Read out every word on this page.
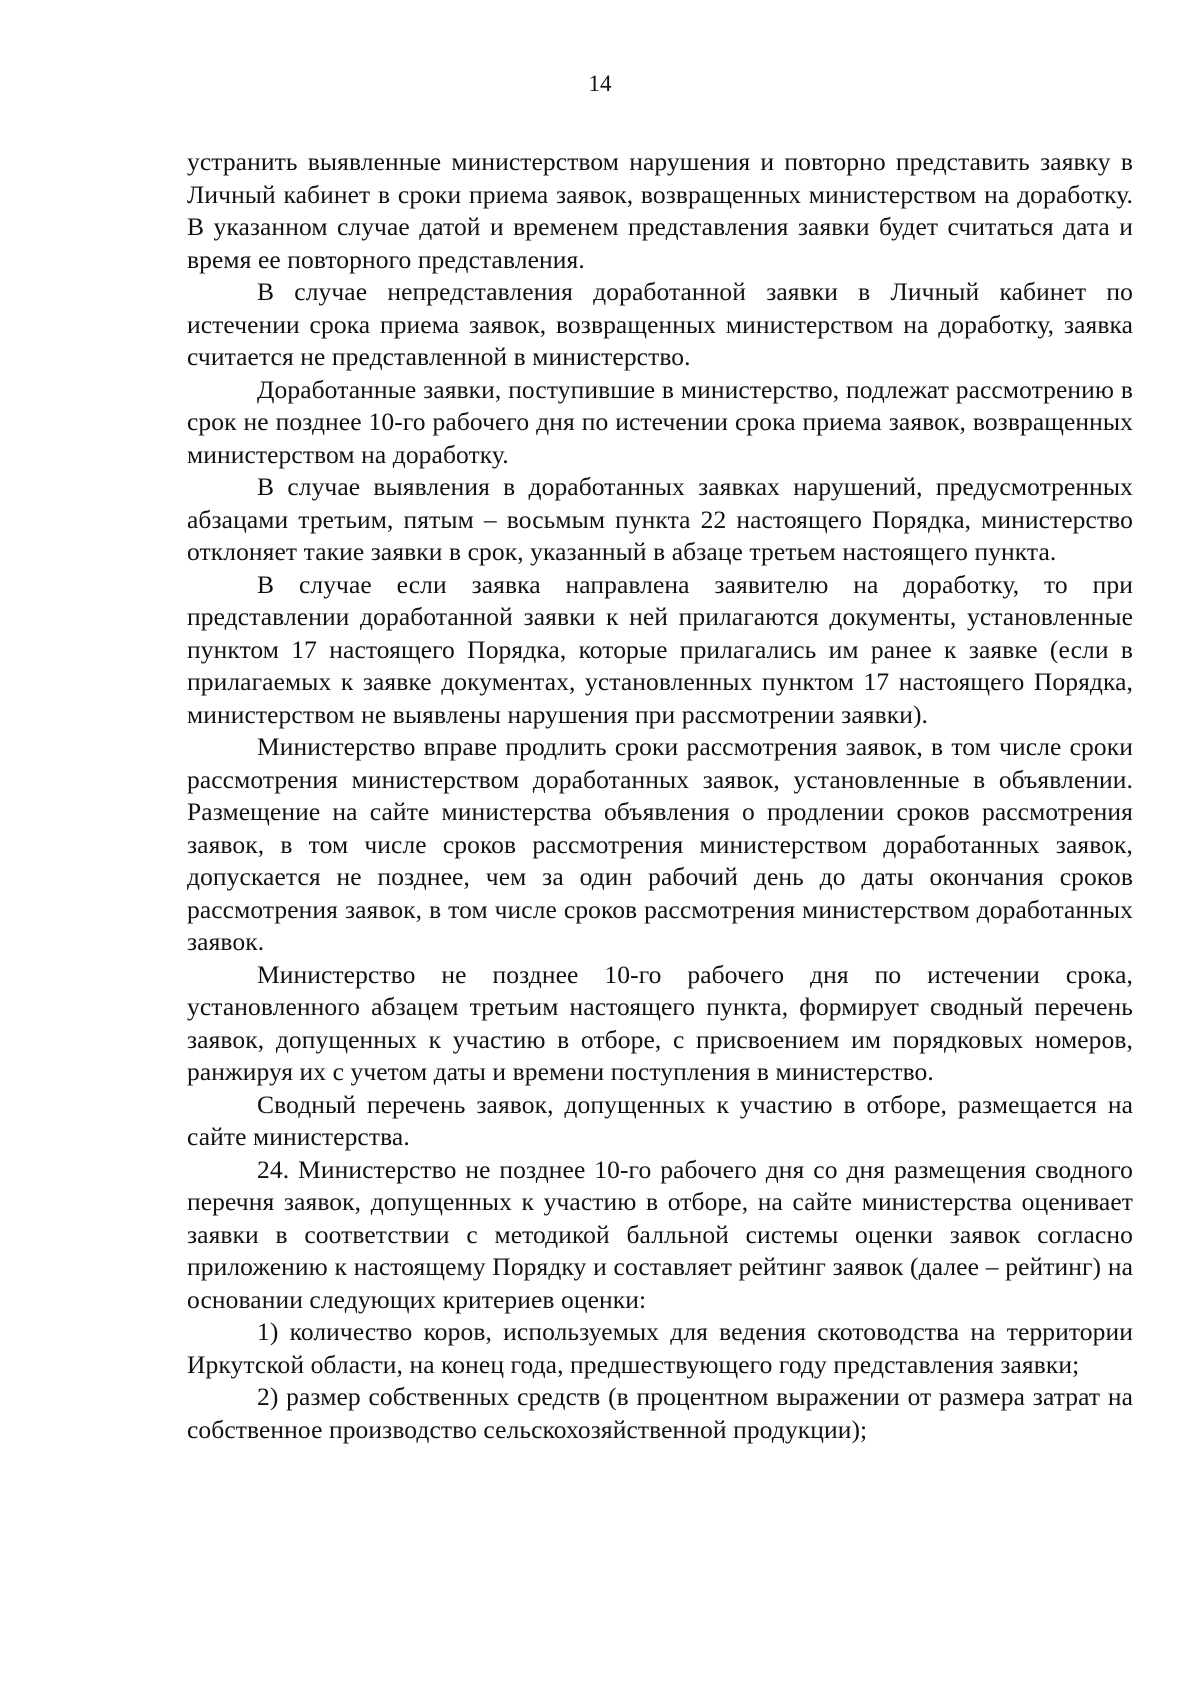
14

устранить выявленные министерством нарушения и повторно представить заявку в Личный кабинет в сроки приема заявок, возвращенных министерством на доработку. В указанном случае датой и временем представления заявки будет считаться дата и время ее повторного представления.

В случае непредставления доработанной заявки в Личный кабинет по истечении срока приема заявок, возвращенных министерством на доработку, заявка считается не представленной в министерство.

Доработанные заявки, поступившие в министерство, подлежат рассмотрению в срок не позднее 10-го рабочего дня по истечении срока приема заявок, возвращенных министерством на доработку.

В случае выявления в доработанных заявках нарушений, предусмотренных абзацами третьим, пятым – восьмым пункта 22 настоящего Порядка, министерство отклоняет такие заявки в срок, указанный в абзаце третьем настоящего пункта.

В случае если заявка направлена заявителю на доработку, то при представлении доработанной заявки к ней прилагаются документы, установленные пунктом 17 настоящего Порядка, которые прилагались им ранее к заявке (если в прилагаемых к заявке документах, установленных пунктом 17 настоящего Порядка, министерством не выявлены нарушения при рассмотрении заявки).

Министерство вправе продлить сроки рассмотрения заявок, в том числе сроки рассмотрения министерством доработанных заявок, установленные в объявлении. Размещение на сайте министерства объявления о продлении сроков рассмотрения заявок, в том числе сроков рассмотрения министерством доработанных заявок, допускается не позднее, чем за один рабочий день до даты окончания сроков рассмотрения заявок, в том числе сроков рассмотрения министерством доработанных заявок.

Министерство не позднее 10-го рабочего дня по истечении срока, установленного абзацем третьим настоящего пункта, формирует сводный перечень заявок, допущенных к участию в отборе, с присвоением им порядковых номеров, ранжируя их с учетом даты и времени поступления в министерство.

Сводный перечень заявок, допущенных к участию в отборе, размещается на сайте министерства.

24. Министерство не позднее 10-го рабочего дня со дня размещения сводного перечня заявок, допущенных к участию в отборе, на сайте министерства оценивает заявки в соответствии с методикой балльной системы оценки заявок согласно приложению к настоящему Порядку и составляет рейтинг заявок (далее – рейтинг) на основании следующих критериев оценки:

1) количество коров, используемых для ведения скотоводства на территории Иркутской области, на конец года, предшествующего году представления заявки;

2) размер собственных средств (в процентном выражении от размера затрат на собственное производство сельскохозяйственной продукции);
